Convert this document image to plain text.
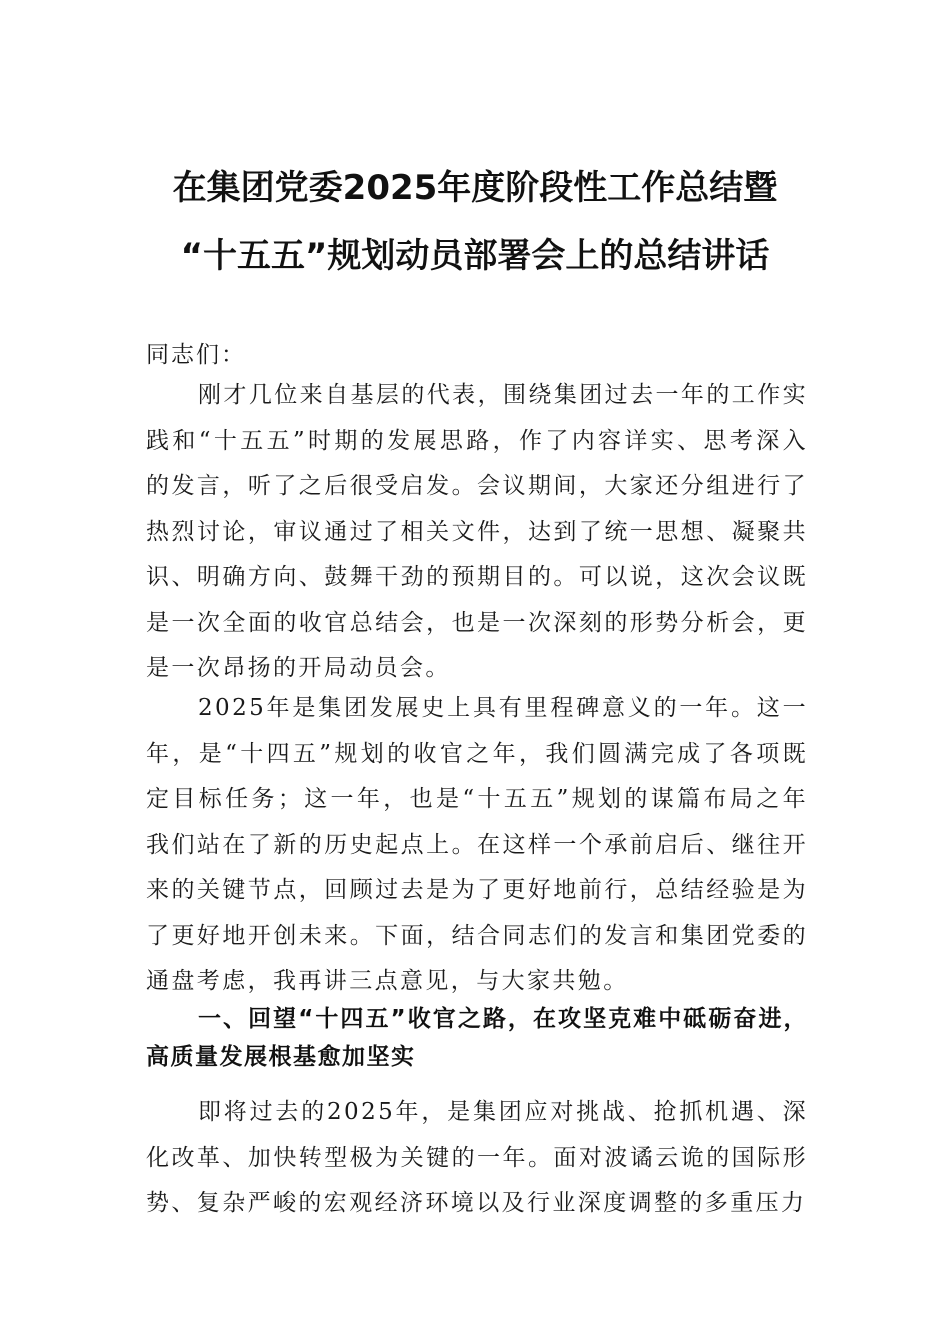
在集团党委2025年度阶段性工作总结暨
“十五五”规划动员部署会上的总结讲话
同志们：
刚才几位来自基层的代表，围绕集团过去一年的工作实践和“十五五”时期的发展思路，作了内容详实、思考深入的发言，听了之后很受启发。会议期间，大家还分组进行了热烈讨论，审议通过了相关文件，达到了统一思想、凝聚共识、明确方向、鼓舞干劲的预期目的。可以说，这次会议既是一次全面的收官总结会，也是一次深刻的形势分析会，更是一次昂扬的开局动员会。
2025年是集团发展史上具有里程碑意义的一年。这一年，是“十四五”规划的收官之年，我们圆满完成了各项既定目标任务；这一年，也是“十五五”规划的谋篇布局之年我们站在了新的历史起点上。在这样一个承前启后、继往开来的关键节点，回顾过去是为了更好地前行，总结经验是为了更好地开创未来。下面，结合同志们的发言和集团党委的通盘考虑，我再讲三点意见，与大家共勉。
一、回望“十四五”收官之路，在攻坚克难中砥砺奋进，高质量发展根基愈加坚实
即将过去的2025年，是集团应对挑战、抢抓机遇、深化改革、加快转型极为关键的一年。面对波谲云诡的国际形势、复杂严峻的宏观经济环境以及行业深度调整的多重压力
